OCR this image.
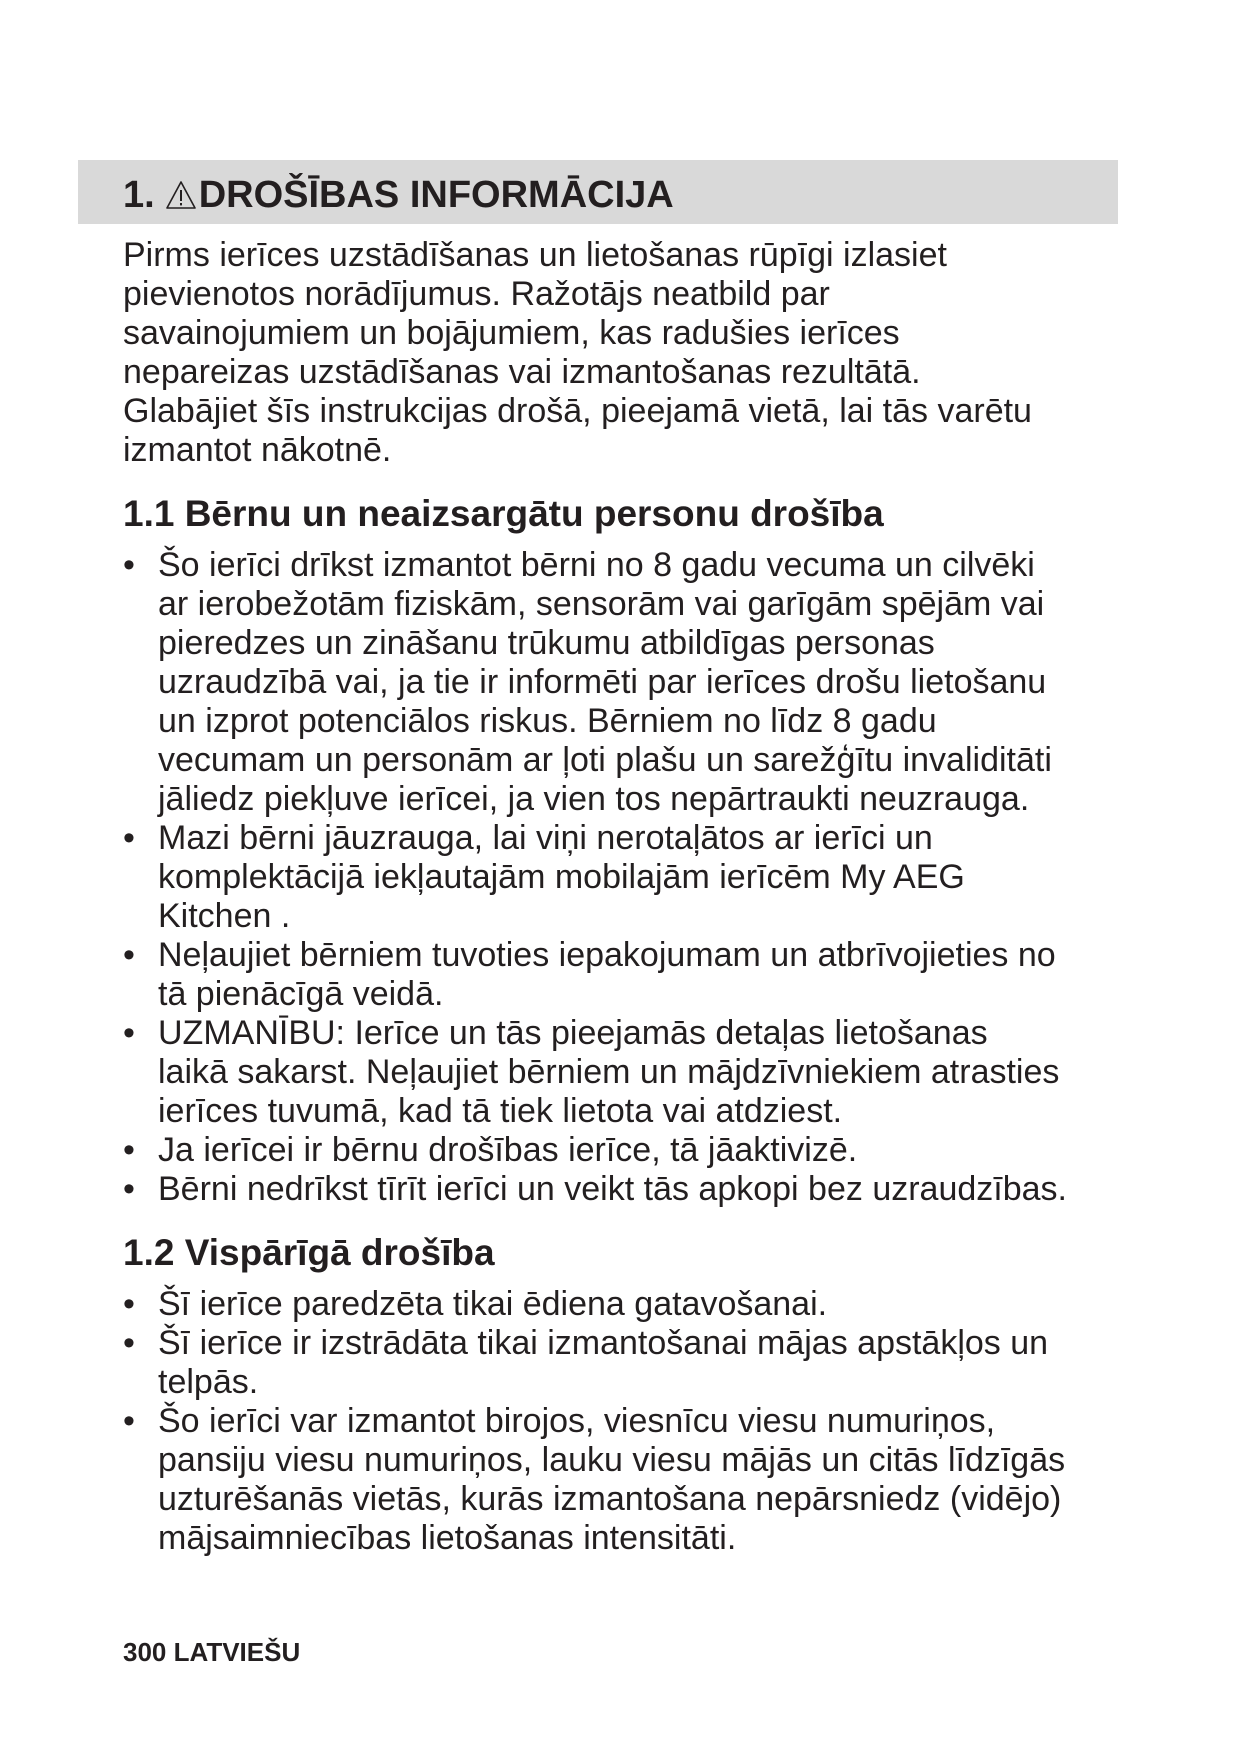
1. DROŠĪBAS INFORMĀCIJA

Pirms ierīces uzstādīšanas un lietošanas rūpīgi izlasiet
pievienotos norādījumus. Ražotājs neatbild par
savainojumiem un bojājumiem, kas radušies ierīces
nepareizas uzstādīšanas vai izmantošanas rezultātā.
Glabājiet šīs instrukcijas drošā, pieejamā vietā, lai tās varētu
izmantot nākotnē.

1.1 Bērnu un neaizsargātu personu drošība
• Šo ierīci drīkst izmantot bērni no 8 gadu vecuma un cilvēki
ar ierobežotām fiziskām, sensorām vai garīgām spējām vai
pieredzes un zināšanu trūkumu atbildīgas personas
uzraudzībā vai, ja tie ir informēti par ierīces drošu lietošanu
un izprot potenciālos riskus. Bērniem no līdz 8 gadu
vecumam un personām ar ļoti plašu un sarežģītu invaliditāti
jāliedz piekļuve ierīcei, ja vien tos nepārtraukti neuzrauga.
• Mazi bērni jāuzrauga, lai viņi nerotaļātos ar ierīci un
komplektācijā iekļautajām mobilajām ierīcēm My AEG
Kitchen .
• Neļaujiet bērniem tuvoties iepakojumam un atbrīvojieties no
tā pienācīgā veidā.
• UZMANĪBU: Ierīce un tās pieejamās detaļas lietošanas
laikā sakarst. Neļaujiet bērniem un mājdzīvniekiem atrasties
ierīces tuvumā, kad tā tiek lietota vai atdziest.
• Ja ierīcei ir bērnu drošības ierīce, tā jāaktivizē.
• Bērni nedrīkst tīrīt ierīci un veikt tās apkopi bez uzraudzības.
1.2 Vispārīgā drošība
• Šī ierīce paredzēta tikai ēdiena gatavošanai.
• Šī ierīce ir izstrādāta tikai izmantošanai mājas apstākļos un
telpās.
• Šo ierīci var izmantot birojos, viesnīcu viesu numuriņos,
pansiju viesu numuriņos, lauku viesu mājās un citās līdzīgās
uzturēšanās vietās, kurās izmantošana nepārsniedz (vidējo)
mājsaimniecības lietošanas intensitāti.
300 LATVIEŠU
